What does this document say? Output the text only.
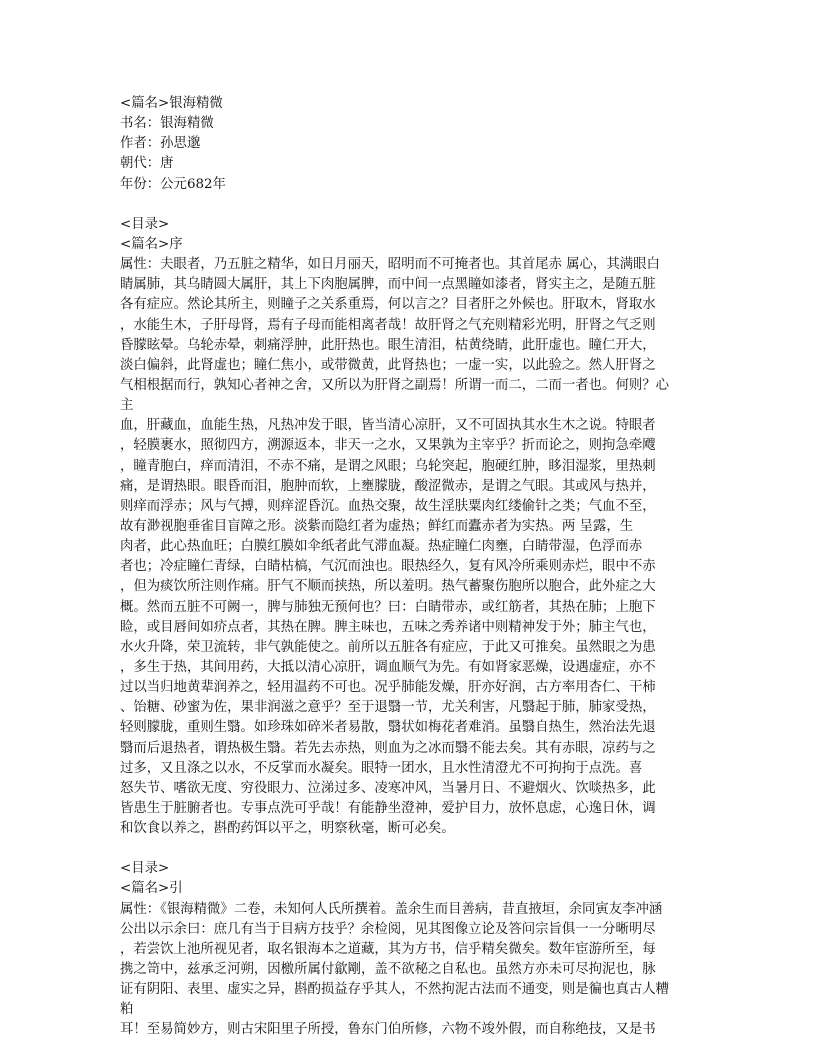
<篇名>银海精微
书名：银海精微
作者：孙思邈
朝代：唐
年份：公元682年
<目录>
<篇名>序
属性：夫眼者，乃五脏之精华，如日月丽天，昭明而不可掩者也。其首尾赤 属心，其满眼白
睛属肺，其乌睛圆大属肝，其上下肉胞属脾，而中间一点黑瞳如漆者，肾实主之，是随五脏
各有症应。然论其所主，则瞳子之关系重焉，何以言之？目者肝之外候也。肝取木，肾取水
，水能生木，子肝母肾，焉有子母而能相离者哉！故肝肾之气充则精彩光明，肝肾之气乏则
昏朦眩晕。乌轮赤晕，刺痛浮肿，此肝热也。眼生清泪，枯黄绕睛，此肝虚也。瞳仁开大，
淡白偏斜，此肾虚也；瞳仁焦小，或带微黄，此肾热也；一虚一实，以此验之。然人肝肾之
气相根据而行，孰知心者神之舍，又所以为肝肾之副焉！所谓一而二，二而一者也。何则？心
主
血，肝藏血，血能生热，凡热冲发于眼，皆当清心凉肝，又不可固执其水生木之说。特眼者
，轻膜裹水，照彻四方，溯源返本，非天一之水，又果孰为主宰乎？折而论之，则拘急牵飕
，瞳青胞白，痒而清泪，不赤不痛，是谓之风眼；乌轮突起，胞硬红肿，眵泪湿浆，里热刺
痛，是谓热眼。眼昏而泪，胞肿而软，上壅朦胧，酸涩微赤，是谓之气眼。其或风与热并，
则痒而浮赤；风与气搏，则痒涩昏沉。血热交聚，故生淫肤粟肉红缕偷针之类；气血不至，
故有渺视胞垂雀目盲障之形。淡紫而隐红者为虚热；鲜红而蠹赤者为实热。两 呈露，生
肉者，此心热血旺；白膜红膜如伞纸者此气滞血凝。热症瞳仁肉壅，白睛带湿，色浮而赤
者也；冷症瞳仁青绿，白睛枯槁，气沉而浊也。眼热经久，复有风冷所乘则赤烂，眼中不赤
，但为痰饮所注则作痛。肝气不顺而挟热，所以羞明。热气蓄聚伤胞所以胞合，此外症之大
概。然而五脏不可阙一，脾与肺独无预何也？曰：白睛带赤，或红筋者，其热在肺；上胞下
睑，或目唇间如疥点者，其热在脾。脾主味也，五味之秀养诸中则精神发于外；肺主气也，
水火升降，荣卫流转，非气孰能使之。前所以五脏各有症应，于此又可推矣。虽然眼之为患
，多生于热，其间用药，大抵以清心凉肝，调血顺气为先。有如肾家恶燥，设遇虚症，亦不
过以当归地黄辈润养之，轻用温药不可也。况乎肺能发燥，肝亦好润，古方率用杏仁、干柿
、饴糖、砂蜜为佐，果非润滋之意乎？至于退翳一节，尤关利害，凡翳起于肺，肺家受热，
轻则朦胧，重则生翳。如珍珠如碎米者易散，翳状如梅花者难消。虽翳自热生，然治法先退
翳而后退热者，谓热极生翳。若先去赤热，则血为之冰而翳不能去矣。其有赤眼，凉药与之
过多，又且涤之以水，不反掌而水凝矣。眼特一团水，且水性清澄尤不可拘拘于点洗。喜
怒失节、嗜欲无度、穷役眼力、泣涕过多、凌寒冲风，当暑月日、不避烟火、饮啖热多，此
皆患生于脏腑者也。专事点洗可乎哉！有能静坐澄神，爱护目力，放怀息虑，心逸日休，调
和饮食以养之，斟酌药饵以平之，明察秋毫，断可必矣。
<目录>
<篇名>引
属性：《银海精微》二卷，未知何人氏所撰着。盖余生而目善病，昔直掖垣，余同寅友李冲涵
公出以示余曰：庶几有当于目病方技乎？余检阅，见其图像立论及答问宗旨俱一一分晰明尽
，若尝饮上池所视见者，取名银海本之道藏，其为方书，信乎精矣微矣。数年宦游所至，每
携之笥中，兹承乏河朔，因檄所属付歙剛，盖不欲秘之自私也。虽然方亦未可尽拘泥也，脉
证有阴阳、表里、虚实之异，斟酌损益存乎其人，不然拘泥古法而不通变，则是徧也真古人糟
粕
耳！至易简妙方，则古宋阳里子所授，鲁东门伯所修，六物不竣外假，而自称绝技，又是书
